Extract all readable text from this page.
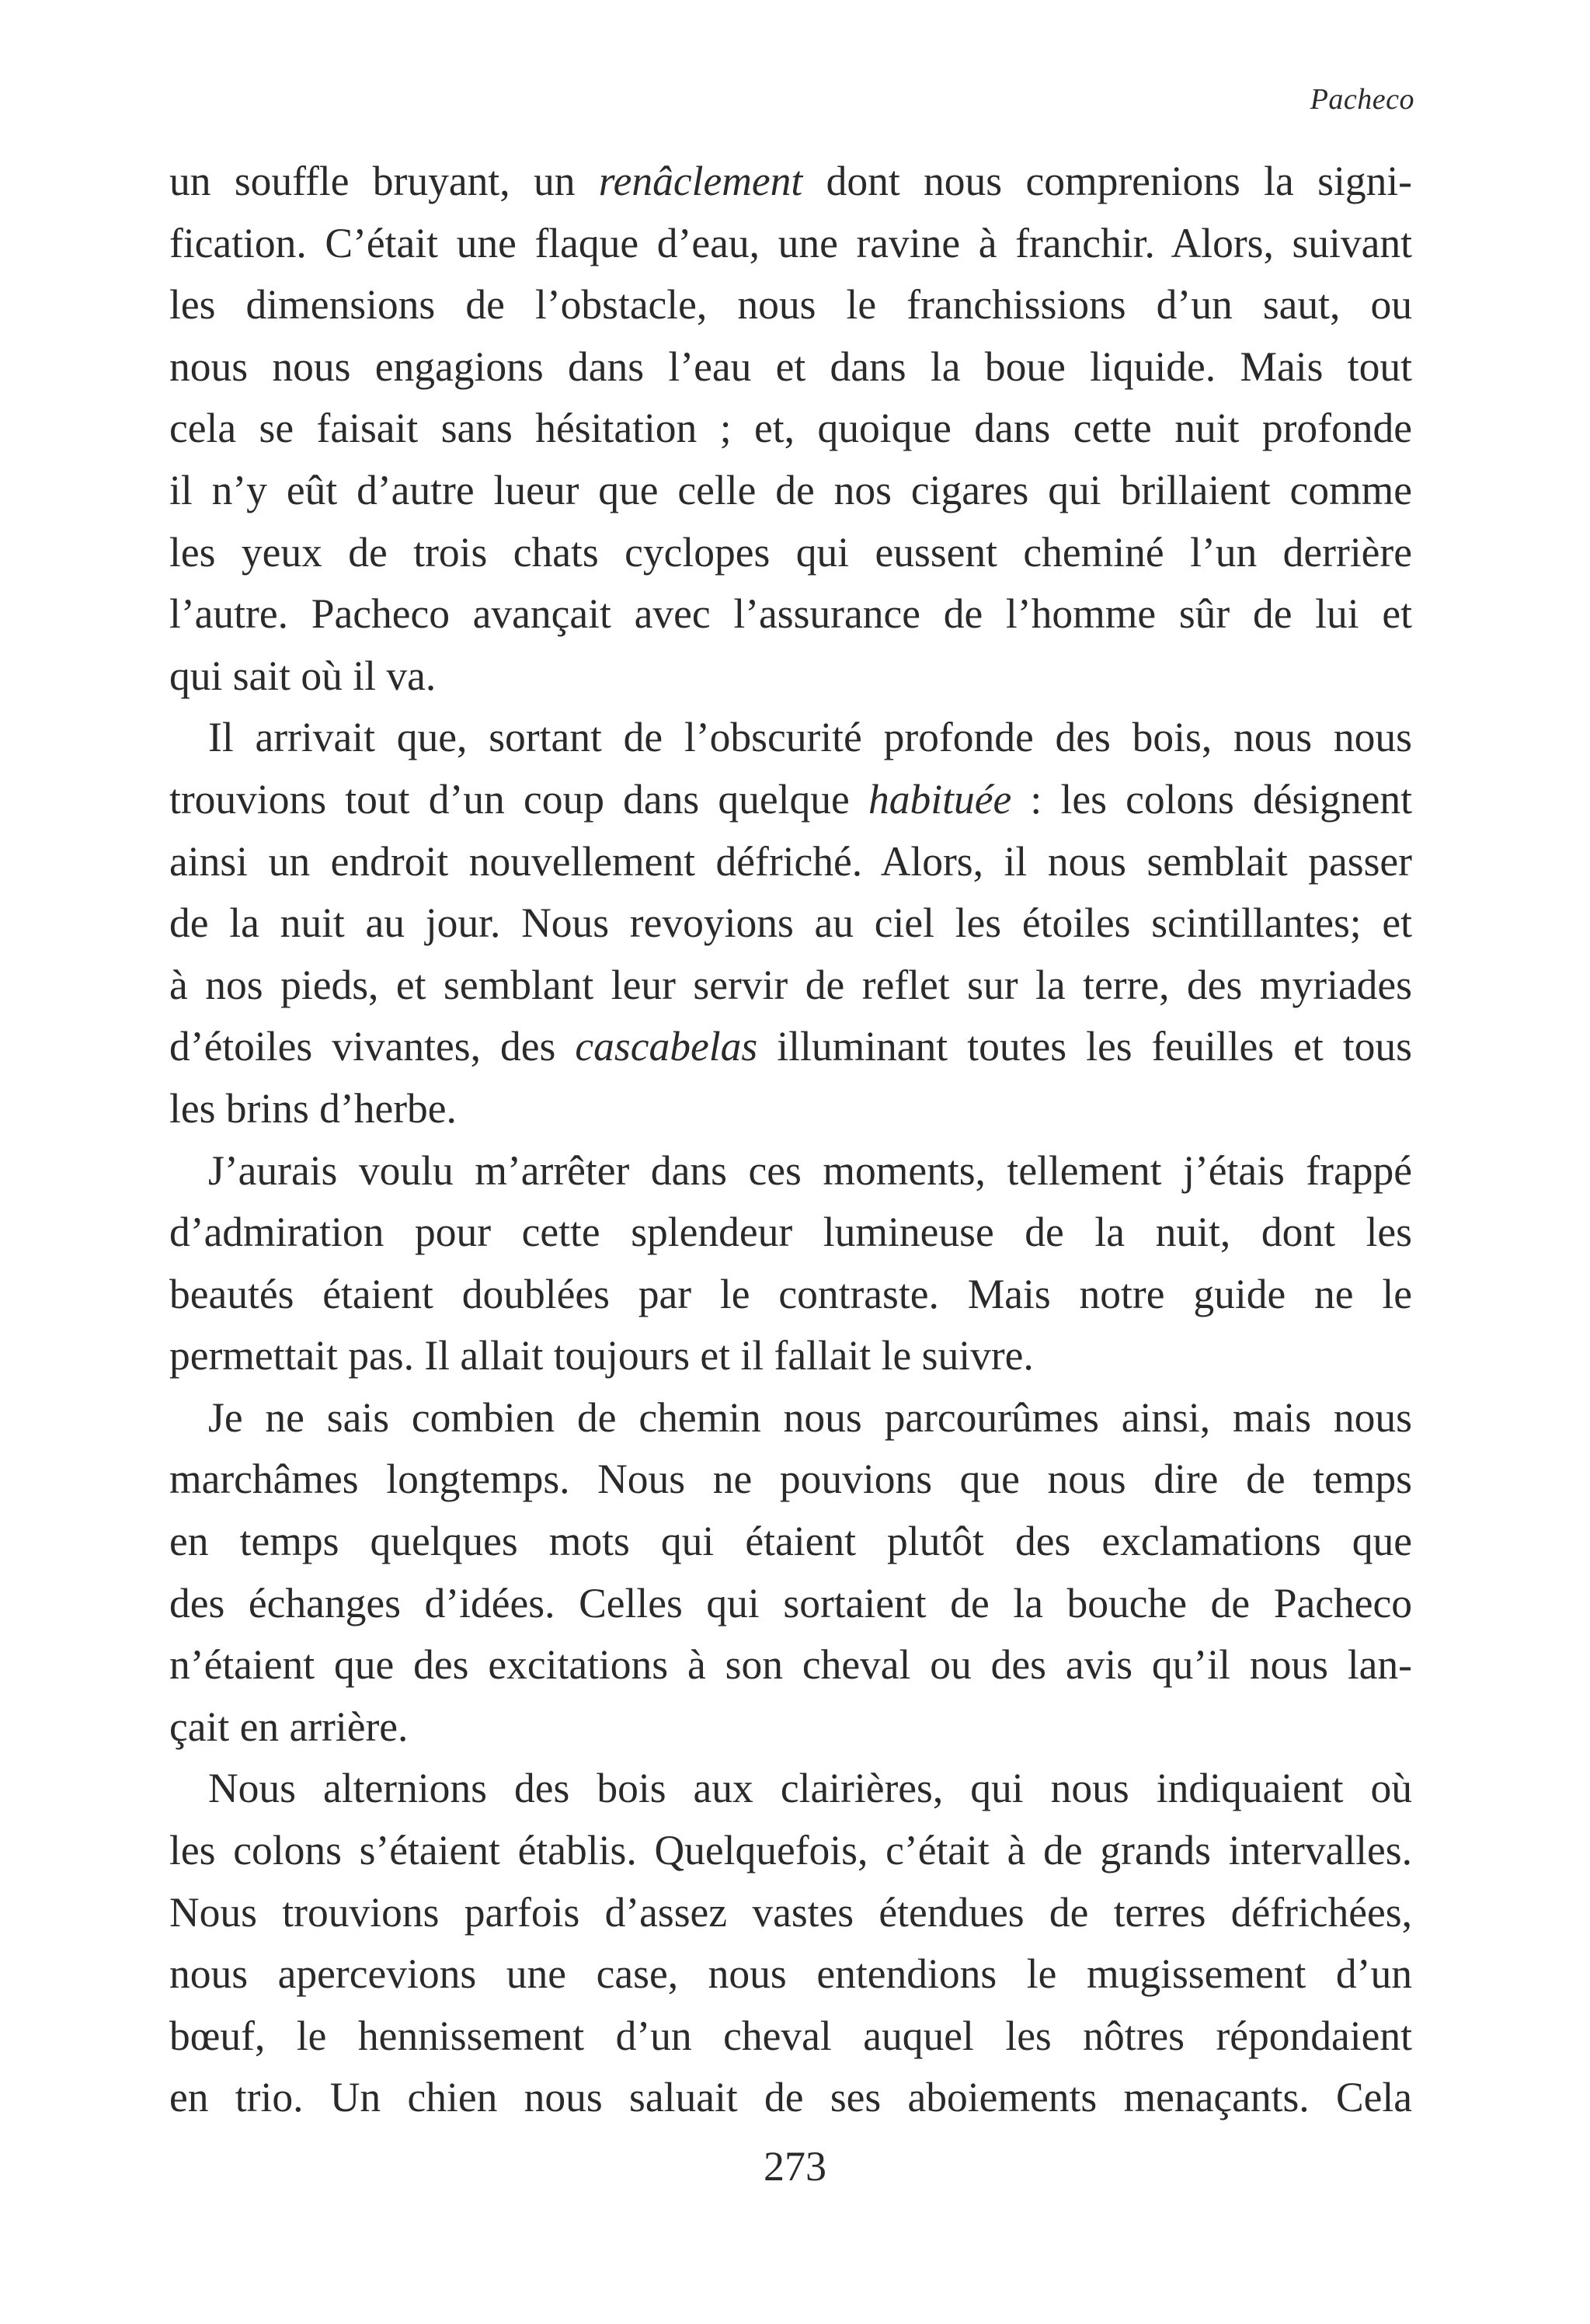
Pacheco
un souffle bruyant, un renâclement dont nous comprenions la signi-
fication. C’était une flaque d’eau, une ravine à franchir. Alors, suivant
les dimensions de l’obstacle, nous le franchissions d’un saut, ou
nous nous engagions dans l’eau et dans la boue liquide. Mais tout
cela se faisait sans hésitation ; et, quoique dans cette nuit profonde
il n’y eût d’autre lueur que celle de nos cigares qui brillaient comme
les yeux de trois chats cyclopes qui eussent cheminé l’un derrière
l’autre. Pacheco avançait avec l’assurance de l’homme sûr de lui et
qui sait où il va.
Il arrivait que, sortant de l’obscurité profonde des bois, nous nous
trouvions tout d’un coup dans quelque habituée : les colons désignent
ainsi un endroit nouvellement défriché. Alors, il nous semblait passer
de la nuit au jour. Nous revoyions au ciel les étoiles scintillantes; et
à nos pieds, et semblant leur servir de reflet sur la terre, des myriades
d’étoiles vivantes, des cascabelas illuminant toutes les feuilles et tous
les brins d’herbe.
J’aurais voulu m’arrêter dans ces moments, tellement j’étais frappé
d’admiration pour cette splendeur lumineuse de la nuit, dont les
beautés étaient doublées par le contraste. Mais notre guide ne le
permettait pas. Il allait toujours et il fallait le suivre.
Je ne sais combien de chemin nous parcourûmes ainsi, mais nous
marchâmes longtemps. Nous ne pouvions que nous dire de temps
en temps quelques mots qui étaient plutôt des exclamations que
des échanges d’idées. Celles qui sortaient de la bouche de Pacheco
n’étaient que des excitations à son cheval ou des avis qu’il nous lan-
çait en arrière.
Nous alternions des bois aux clairières, qui nous indiquaient où
les colons s’étaient établis. Quelquefois, c’était à de grands intervalles.
Nous trouvions parfois d’assez vastes étendues de terres défrichées,
nous apercevions une case, nous entendions le mugissement d’un
bœuf, le hennissement d’un cheval auquel les nôtres répondaient
en trio. Un chien nous saluait de ses aboiements menaçants. Cela
273
